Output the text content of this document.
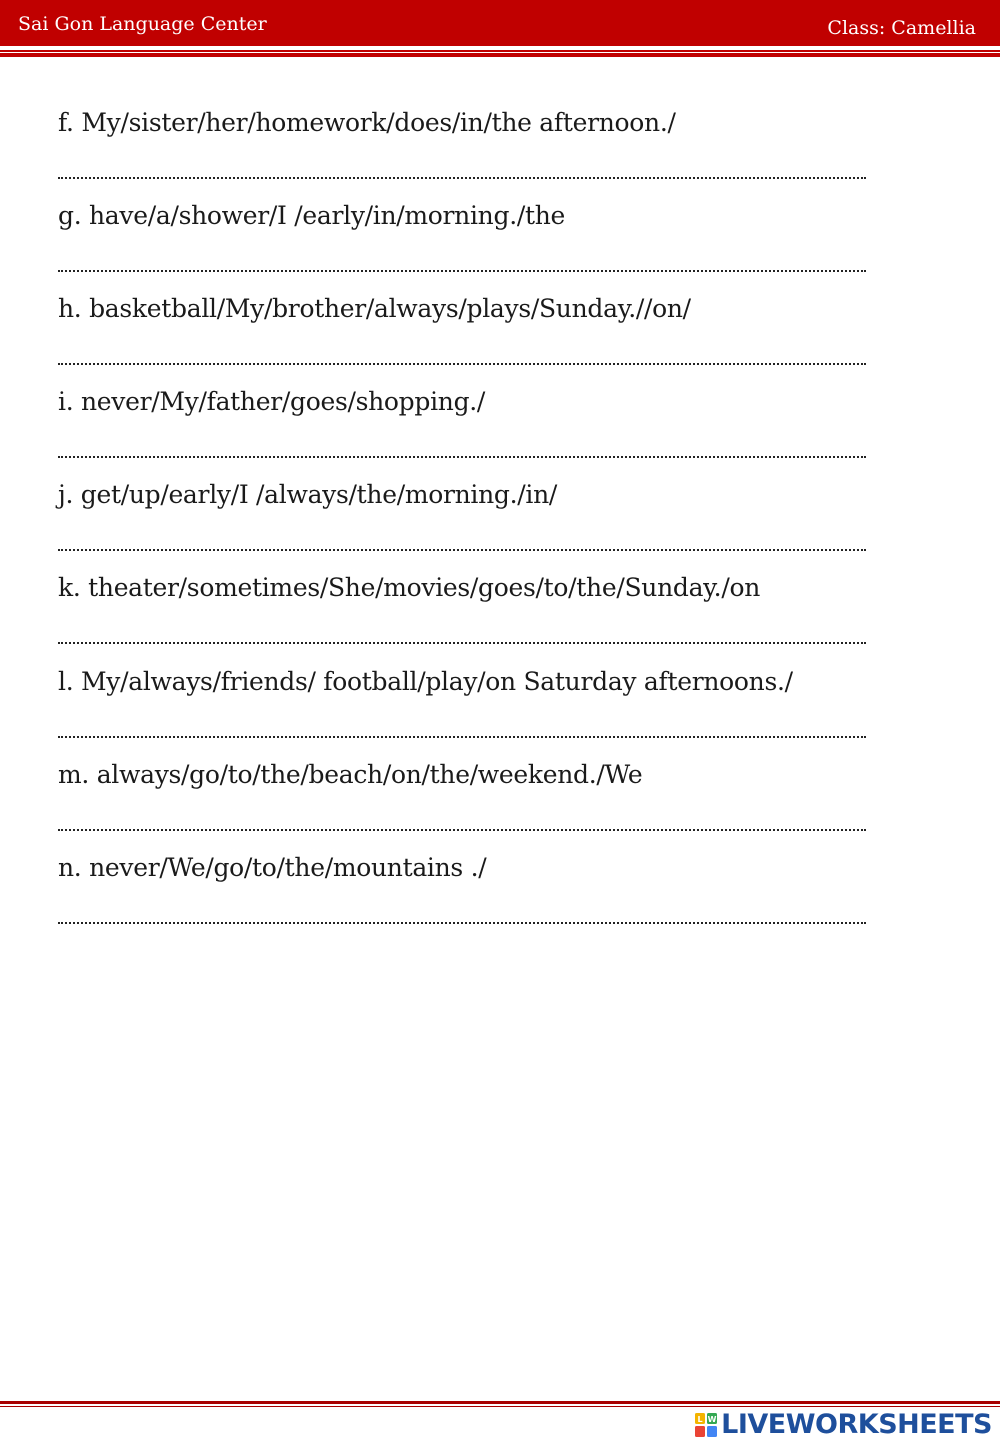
Sai Gon Language Center	Class: Camellia
f. My/sister/her/homework/does/in/the afternoon./
g. have/a/shower/I /early/in/morning./the
h. basketball/My/brother/always/plays/Sunday.//on/
i. never/My/father/goes/shopping./
j. get/up/early/I /always/the/morning./in/
k. theater/sometimes/She/movies/goes/to/the/Sunday./on
l. My/always/friends/ football/play/on Saturday afternoons./
m. always/go/to/the/beach/on/the/weekend./We
n. never/We/go/to/the/mountains ./
L W LIVEWORKSHEETS
